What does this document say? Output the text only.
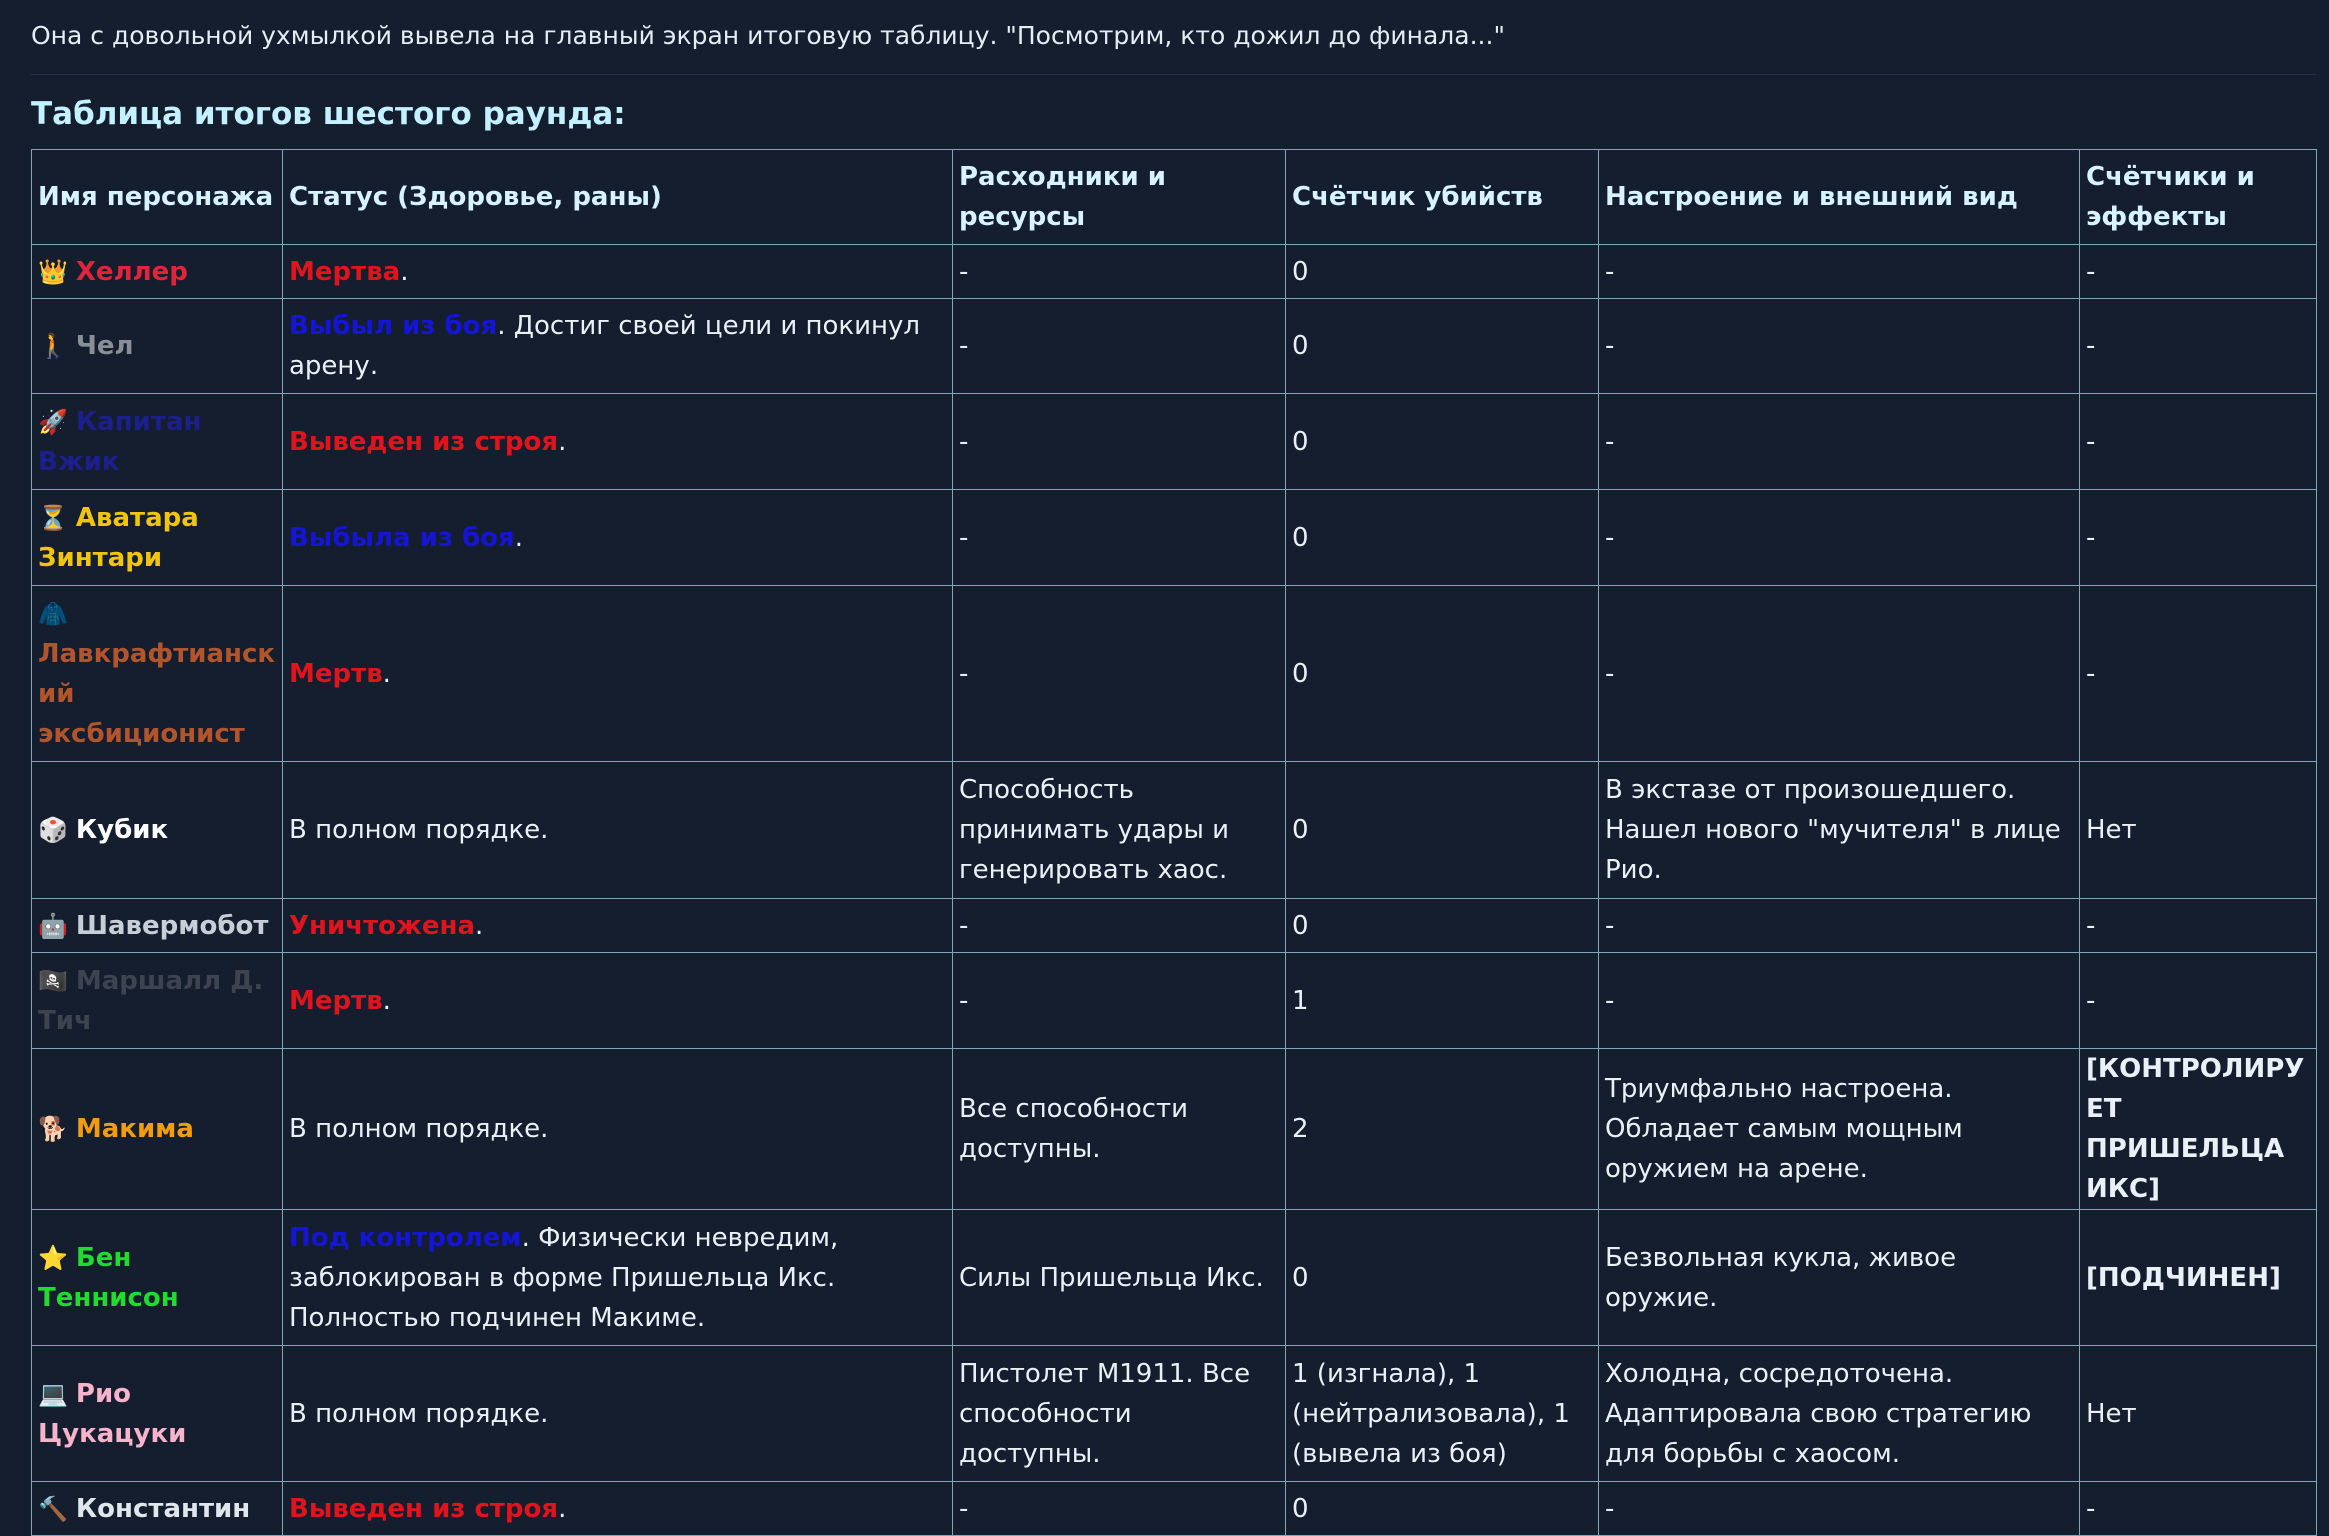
Она с довольной ухмылкой вывела на главный экран итоговую таблицу. "Посмотрим, кто дожил до финала..."

Таблица итогов шестого раунда:
Имя персонажа	Статус (Здоровье, раны)	Расходники и ресурсы	Счётчик убийств	Настроение и внешний вид	Счётчики и эффекты
👑 Хеллер	Мертва.	-	0	-	-
🚶 Чел	Выбыл из боя. Достиг своей цели и покинул арену.	-	0	-	-
🚀 Капитан Вжик	Выведен из строя.	-	0	-	-
⏳ Аватара Зинтари	Выбыла из боя.	-	0	-	-
🧥Лавкрафтианский эксбиционист	Мертв.	-	0	-	-
🎲 Кубик	В полном порядке.	Способность принимать удары и генерировать хаос.	0	В экстазе от произошедшего. Нашел нового "мучителя" в лице Рио.	Нет
🤖 Шавермобот	Уничтожена.	-	0	-	-
🏴‍☠️ Маршалл Д. Тич	Мертв.	-	1	-	-
🐕 Макима	В полном порядке.	Все способности доступны.	2	Триумфально настроена. Обладает самым мощным оружием на арене.	[КОНТРОЛИРУЕТ ПРИШЕЛЬЦА ИКС]
⭐ Бен Теннисон	Под контролем. Физически невредим, заблокирован в форме Пришельца Икс. Полностью подчинен Макиме.	Силы Пришельца Икс.	0	Безвольная кукла, живое оружие.	[ПОДЧИНЕН]
💻 Рио Цукацуки	В полном порядке.	Пистолет M1911. Все способности доступны.	1 (изгнала), 1 (нейтрализовала), 1 (вывела из боя)	Холодна, сосредоточена. Адаптировала свою стратегию для борьбы с хаосом.	Нет
🔨 Константин	Выведен из строя.	-	0	-	-
